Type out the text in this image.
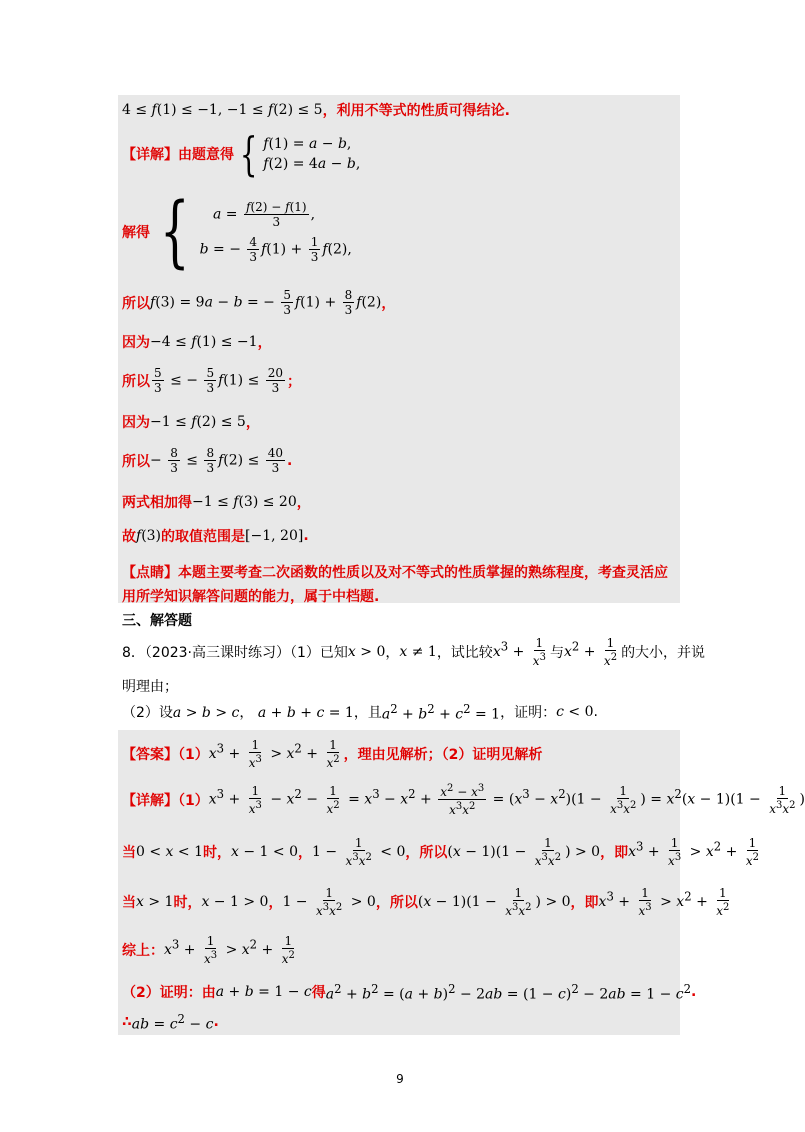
4 ≤ f(1) ≤ −1, −1 ≤ f(2) ≤ 5 ，利用不等式的性质可得结论.
【详解】由题意得 { f(1) = a − b,
f(2) = 4a − b,
解得 {	$a = \frac{f(2) - f(1)}{3}$ ,
b = − $\frac{4}{3} f(1) + \frac{1}{3} f(2)$,
所以 f(3) = 9a − b = − $\frac{5}{3} f(1) + \frac{8}{3} f(2)$ ，
因为 −4 ≤ f(1) ≤ −1 ，
所以 $\frac{5}{3}$ ≤ − $\frac{5}{3} f(1) \le \frac{20}{3}$ ；
因为 −1 ≤ f(2) ≤ 5 ，
所以 − $\frac{8}{3} \le \frac{8}{3} f(2) \le \frac{40}{3}$ .
两式相加得 −1 ≤ f(3) ≤ 20 ，
故 f(3) 的取值范围是 [−1, 20] .
【点睛】本题主要考查二次函数的性质以及对不等式的性质掌握的熟练程度，考查灵活应
用所学知识解答问题的能力，属于中档题.
三、解答题
8．（2023·高三课时练习）（1）已知 x > 0 ， x ≠ 1 ，试比较 $x^3 + \frac{1}{x^3}$ 与 $x^2 + \frac{1}{x^2}$ 的大小，并说
明理由；
（2）设 a > b > c， a + b + c = 1 ，且 $a^2 + b^2 + c^2 = 1$ ，证明： c < 0 .
【答案】（1） $x^3 + \frac{1}{x^3} > x^2 + \frac{1}{x^2}$ ，理由见解析；（2）证明见解析
【详解】（1） $x^3 + \frac{1}{x^3} - x^2 - \frac{1}{x^2} = x^3 - x^2 + \frac{x^2 - x^3}{x^3x^2} = (x^3 - x^2)(1 - \frac{1}{x^3x^2}$ ) = $x^2(x - 1)(1 - \frac{1}{x^3x^2}$ )
当 0 < x < 1 时， x − 1 < 0 ， $1 - \frac{1}{x^3x^2} < 0$ ，所以 $(x - 1)(1 - \frac{1}{x^3x^2}$ ) > 0 ，即 $x^3 + \frac{1}{x^3} > x^2 + \frac{1}{x^2}$
当 x > 1 时， x − 1 > 0 ， $1 - \frac{1}{x^3x^2} > 0$ ，所以 $(x - 1)(1 - \frac{1}{x^3x^2}$ ) > 0 ，即 $x^3 + \frac{1}{x^3} > x^2 + \frac{1}{x^2}$
综上： $x^3 + \frac{1}{x^3} > x^2 + \frac{1}{x^2}$
（2）证明：由 a + b = 1 − c 得 $a^2 + b^2 = (a + b)^2 - 2ab = (1 - c)^2 - 2ab = 1 - c^2$ .
∴ ab = $c^2 - c$ .
9
